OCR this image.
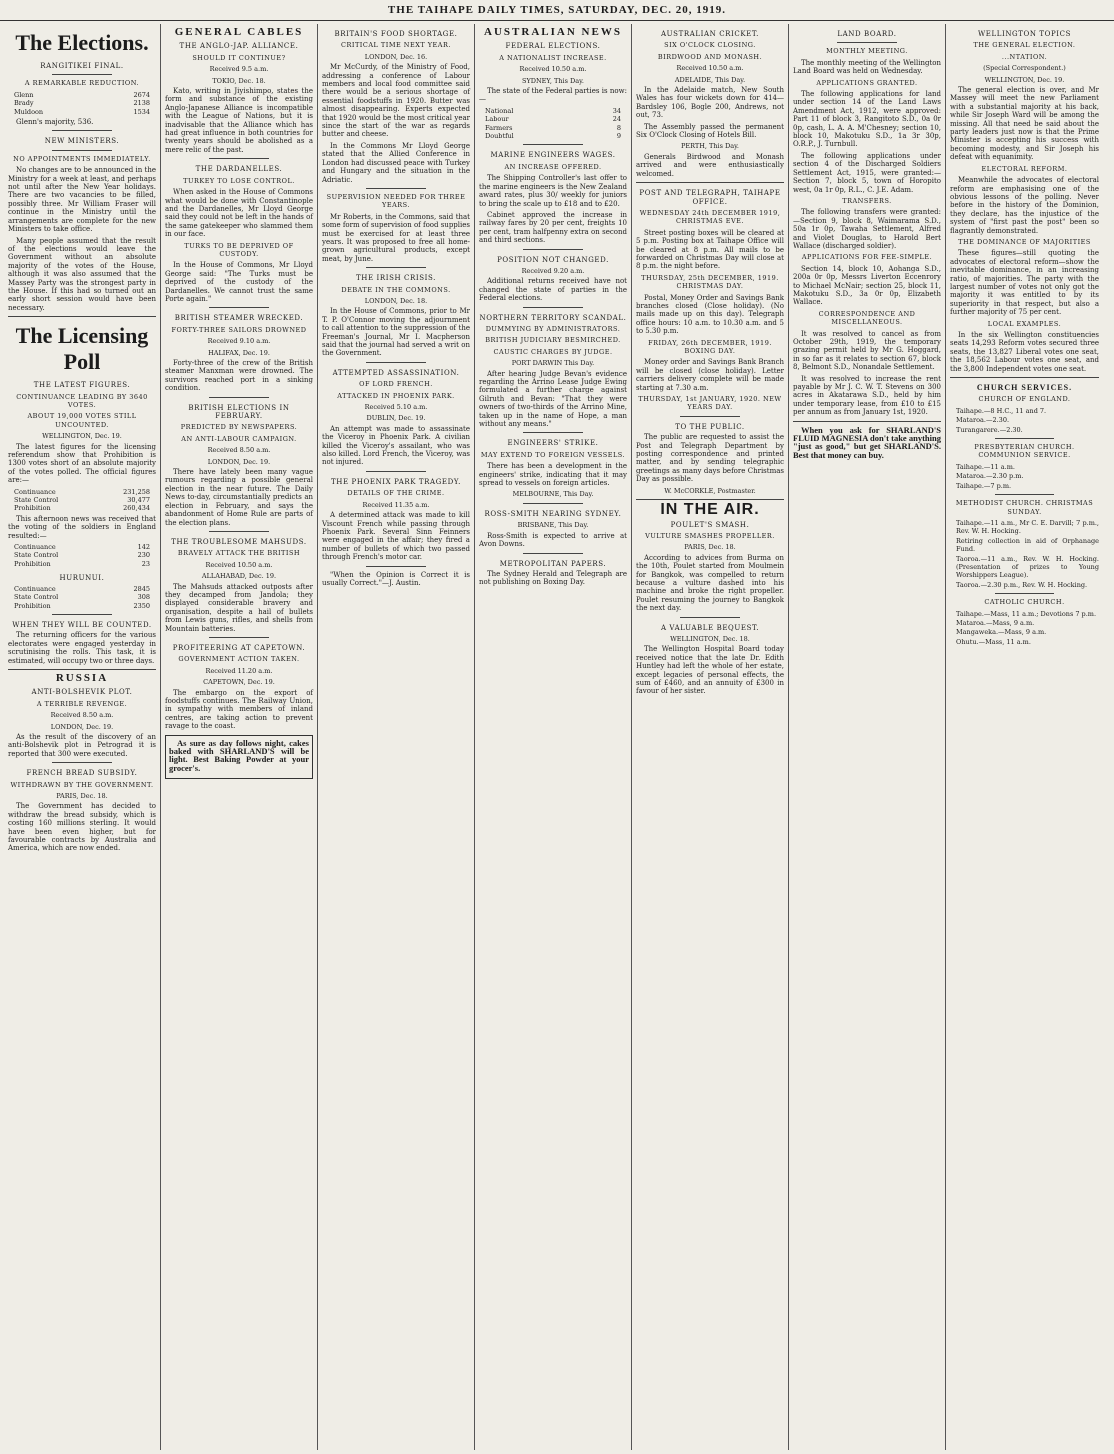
THE TAIHAPE DAILY TIMES, SATURDAY, DEC. 20, 1919.
The Elections.
RANGITIKEI FINAL.
A REMARKABLE REDUCTION.
Glenn	2674
Brady	2138
Muldoon	1534

Glenn's majority, 536.

NEW MINISTERS.
NO APPOINTMENTS IMMEDIATELY.

No changes are to be announced in the Ministry for a week at least, and perhaps not until after the New Year holidays. There are two vacancies to be filled, possibly three. Mr William Fraser will continue in the Ministry until the arrangements are complete for the new Ministers to take office.

Many people assumed that the result of the elections would leave the Government without an absolute majority of the votes of the House, although it was also assumed that the Massey Party was the strongest party in the House. If this had so turned out an early short session would have been necessary.

The Licensing Poll
THE LATEST FIGURES.
CONTINUANCE LEADING BY 3640 VOTES.
ABOUT 19,000 VOTES STILL UNCOUNTED.
WELLINGTON, Dec. 19.

The latest figures for the licensing referendum show that Prohibition is 1300 votes short of an absolute majority of the votes polled. The official figures are:—

Continuance	231,258
State Control	30,477
Prohibition	260,434

This afternoon news was received that the voting of the soldiers in England resulted:—

Continuance	142
State Control	230
Prohibition	23
HURUNUI.
Continuance	2845
State Control	308
Prohibition	2350
WHEN THEY WILL BE COUNTED.

The returning officers for the various electorates were engaged yesterday in scrutinising the rolls. This task, it is estimated, will occupy two or three days.

RUSSIA
ANTI-BOLSHEVIK PLOT.
A TERRIBLE REVENGE.
Received 8.50 a.m.
LONDON, Dec. 19.

As the result of the discovery of an anti-Bolshevik plot in Petrograd it is reported that 300 were executed.

FRENCH BREAD SUBSIDY.
WITHDRAWN BY THE GOVERNMENT.
PARIS, Dec. 18.

The Government has decided to withdraw the bread subsidy, which is costing 160 millions sterling. It would have been even higher, but for favourable contracts by Australia and America, which are now ended.

GENERAL CABLES
THE ANGLO-JAP. ALLIANCE.
SHOULD IT CONTINUE?
Received 9.5 a.m.
TOKIO, Dec. 18.

Kato, writing in Jiyishimpo, states the form and substance of the existing Anglo-Japanese Alliance is incompatible with the League of Nations, but it is inadvisable that the Alliance which has had great influence in both countries for twenty years should be abolished as a mere relic of the past.

THE DARDANELLES.
TURKEY TO LOSE CONTROL.

When asked in the House of Commons what would be done with Constantinople and the Dardanelles, Mr Lloyd George said they could not be left in the hands of the same gatekeeper who slammed them in our face.

TURKS TO BE DEPRIVED OF CUSTODY.

In the House of Commons, Mr Lloyd George said: "The Turks must be deprived of the custody of the Dardanelles. We cannot trust the same Porte again."

BRITISH STEAMER WRECKED.
FORTY-THREE SAILORS DROWNED
Received 9.10 a.m.
HALIFAX, Dec. 19.

Forty-three of the crew of the British steamer Manxman were drowned. The survivors reached port in a sinking condition.

BRITISH ELECTIONS IN FEBRUARY.
PREDICTED BY NEWSPAPERS.
AN ANTI-LABOUR CAMPAIGN.
Received 8.50 a.m.
LONDON, Dec. 19.

There have lately been many vague rumours regarding a possible general election in the near future. The Daily News to-day, circumstantially predicts an election in February, and says the abandonment of Home Rule are parts of the election plans.

THE TROUBLESOME MAHSUDS.
BRAVELY ATTACK THE BRITISH
Received 10.50 a.m.
ALLAHABAD, Dec. 19.

The Mahsuds attacked outposts after they decamped from Jandola; they displayed considerable bravery and organisation, despite a hail of bullets from Lewis guns, rifles, and shells from Mountain batteries.

PROFITEERING AT CAPETOWN.
GOVERNMENT ACTION TAKEN.
Received 11.20 a.m.
CAPETOWN, Dec. 19.

The embargo on the export of foodstuffs continues. The Railway Union, in sympathy with members of inland centres, are taking action to prevent ravage to the coast.

As sure as day follows night, cakes baked with SHARLAND'S will be light. Best Baking Powder at your grocer's.

BRITAIN'S FOOD SHORTAGE.
CRITICAL TIME NEXT YEAR.
LONDON, Dec. 16.

Mr McCurdy, of the Ministry of Food, addressing a conference of Labour members and local food committee said there would be a serious shortage of essential foodstuffs in 1920. Butter was almost disappearing. Experts expected that 1920 would be the most critical year since the start of the war as regards butter and cheese.

In the Commons Mr Lloyd George stated that the Allied Conference in London had discussed peace with Turkey and Hungary and the situation in the Adriatic.

SUPERVISION NEEDED FOR THREE YEARS.

Mr Roberts, in the Commons, said that some form of supervision of food supplies must be exercised for at least three years. It was proposed to free all home-grown agricultural products, except meat, by June.

THE IRISH CRISIS.
DEBATE IN THE COMMONS.
LONDON, Dec. 18.

In the House of Commons, prior to Mr T. P. O'Connor moving the adjournment to call attention to the suppression of the Freeman's Journal, Mr I. Macpherson said that the journal had served a writ on the Government.

ATTEMPTED ASSASSINATION.
OF LORD FRENCH.
ATTACKED IN PHOENIX PARK.
Received 5.10 a.m.
DUBLIN, Dec. 19.

An attempt was made to assassinate the Viceroy in Phoenix Park. A civilian killed the Viceroy's assailant, who was also killed. Lord French, the Viceroy, was not injured.

THE PHOENIX PARK TRAGEDY.
DETAILS OF THE CRIME.
Received 11.35 a.m.

A determined attack was made to kill Viscount French while passing through Phoenix Park. Several Sinn Feinners were engaged in the affair; they fired a number of bullets of which two passed through French's motor car.

"When the Opinion is Correct it is usually Correct."—J. Austin.

AUSTRALIAN NEWS
FEDERAL ELECTIONS.
A NATIONALIST INCREASE.
Received 10.50 a.m.
SYDNEY, This Day.

The state of the Federal parties is now:—

National	34
Labour	24
Farmers	8
Doubtful	9
MARINE ENGINEERS WAGES.
AN INCREASE OFFERED.

The Shipping Controller's last offer to the marine engineers is the New Zealand award rates, plus 30/ weekly for juniors to bring the scale up to £18 and to £20.

Cabinet approved the increase in railway fares by 20 per cent, freights 10 per cent, tram halfpenny extra on second and third sections.

POSITION NOT CHANGED.
Received 9.20 a.m.

Additional returns received have not changed the state of parties in the Federal elections.

NORTHERN TERRITORY SCANDAL.
DUMMYING BY ADMINISTRATORS.
BRITISH JUDICIARY BESMIRCHED.
CAUSTIC CHARGES BY JUDGE.
PORT DARWIN This Day.

After hearing Judge Bevan's evidence regarding the Arrino Lease Judge Ewing formulated a further charge against Gilruth and Bevan: "That they were owners of two-thirds of the Arrino Mine, taken up in the name of Hope, a man without any means."

ENGINEERS' STRIKE.
MAY EXTEND TO FOREIGN VESSELS.

There has been a development in the engineers' strike, indicating that it may spread to vessels on foreign articles.

MELBOURNE, This Day.
ROSS-SMITH NEARING SYDNEY.
BRISBANE, This Day.

Ross-Smith is expected to arrive at Avon Downs.

METROPOLITAN PAPERS.

The Sydney Herald and Telegraph are not publishing on Boxing Day.

AUSTRALIAN CRICKET.
SIX O'CLOCK CLOSING.
BIRDWOOD AND MONASH.
Received 10.50 a.m.
ADELAIDE, This Day.

In the Adelaide match, New South Wales has four wickets down for 414—Bardsley 106, Bogle 200, Andrews, not out, 73.

The Assembly passed the permanent Six O'Clock Closing of Hotels Bill.

PERTH, This Day.

Generals Birdwood and Monash arrived and were enthusiastically welcomed.

POST AND TELEGRAPH, TAIHAPE OFFICE.
WEDNESDAY 24th DECEMBER 1919, CHRISTMAS EVE.

Street posting boxes will be cleared at 5 p.m. Posting box at Taihape Office will be cleared at 8 p.m. All mails to be forwarded on Christmas Day will close at 8 p.m. the night before.

THURSDAY, 25th DECEMBER, 1919. CHRISTMAS DAY.

Postal, Money Order and Savings Bank branches closed (Close holiday). (No mails made up on this day). Telegraph office hours: 10 a.m. to 10.30 a.m. and 5 to 5.30 p.m.

FRIDAY, 26th DECEMBER, 1919. BOXING DAY.

Money order and Savings Bank Branch will be closed (close holiday). Letter carriers delivery complete will be made starting at 7.30 a.m.

THURSDAY, 1st JANUARY, 1920. NEW YEARS DAY.
TO THE PUBLIC.

The public are requested to assist the Post and Telegraph Department by posting correspondence and printed matter, and by sending telegraphic greetings as many days before Christmas Day as possible.

W. McCORKLE, Postmaster.
IN THE AIR.
POULET'S SMASH.
VULTURE SMASHES PROPELLER.
PARIS, Dec. 18.

According to advices from Burma on the 10th, Poulet started from Moulmein for Bangkok, was compelled to return because a vulture dashed into his machine and broke the right propeller. Poulet resuming the journey to Bangkok the next day.

A VALUABLE BEQUEST.
WELLINGTON, Dec. 18.

The Wellington Hospital Board today received notice that the late Dr. Edith Huntley had left the whole of her estate, except legacies of personal effects, the sum of £460, and an annuity of £300 in favour of her sister.

LAND BOARD.
MONTHLY MEETING.

The monthly meeting of the Wellington Land Board was held on Wednesday.

APPLICATIONS GRANTED.

The following applications for land under section 14 of the Land Laws Amendment Act, 1912, were approved: Part 11 of block 3, Rangitoto S.D., 0a 0r 0p, cash, L. A. A. M'Chesney; section 10, block 10, Makotuku S.D., 1a 3r 30p, O.R.P., J. Turnbull.

The following applications under section 4 of the Discharged Soldiers Settlement Act, 1915, were granted:—Section 7, block 5, town of Horopito west, 0a 1r 0p, R.L., C. J.E. Adam.

TRANSFERS.

The following transfers were granted:—Section 9, block 8, Waimarama S.D., 50a 1r 0p, Tawaha Settlement, Alfred and Violet Douglas, to Harold Bert Wallace (discharged soldier).

APPLICATIONS FOR FEE-SIMPLE.

Section 14, block 10, Aohanga S.D., 200a 0r 0p, Messrs Liverton Eccenrory to Michael McNair; section 25, block 11, Makotuku S.D., 3a 0r 0p, Elizabeth Wallace.

CORRESPONDENCE AND MISCELLANEOUS.

It was resolved to cancel as from October 29th, 1919, the temporary grazing permit held by Mr G. Hoggard, in so far as it relates to section 67, block 8, Belmont S.D., Nonandale Settlement.

It was resolved to increase the rent payable by Mr J. C. W. T. Stevens on 300 acres in Akatarawa S.D., held by him under temporary lease, from £10 to £15 per annum as from January 1st, 1920.

When you ask for SHARLAND'S FLUID MAGNESIA don't take anything "just as good," but get SHARLAND'S. Best that money can buy.

WELLINGTON TOPICS
THE GENERAL ELECTION.
...NTATION.
(Special Correspondent.)
WELLINGTON, Dec. 19.

The general election is over, and Mr Massey will meet the new Parliament with a substantial majority at his back, while Sir Joseph Ward will be among the missing. All that need be said about the party leaders just now is that the Prime Minister is accepting his success with becoming modesty, and Sir Joseph his defeat with equanimity.

ELECTORAL REFORM.

Meanwhile the advocates of electoral reform are emphasising one of the obvious lessons of the polling. Never before in the history of the Dominion, they declare, has the injustice of the system of "first past the post" been so flagrantly demonstrated.

THE DOMINANCE OF MAJORITIES

These figures—still quoting the advocates of electoral reform—show the inevitable dominance, in an increasing ratio, of majorities. The party with the largest number of votes not only got the majority it was entitled to by its superiority in that respect, but also a further majority of 75 per cent.

LOCAL EXAMPLES.

In the six Wellington constituencies seats 14,293 Reform votes secured three seats, the 13,827 Liberal votes one seat, the 18,562 Labour votes one seat, and the 3,800 Independent votes one seat.

CHURCH SERVICES.
CHURCH OF ENGLAND.
Taihape.—8 H.C., 11 and 7.
Mataroa.—2.30.
Turangarere.—2.30.
PRESBYTERIAN CHURCH. COMMUNION SERVICE.
Taihape.—11 a.m.
Mataroa.—2.30 p.m.
Taihape.—7 p.m.
METHODIST CHURCH. CHRISTMAS SUNDAY.
Taihape.—11 a.m., Mr C. E. Darvill; 7 p.m., Rev. W. H. Hocking.
Retiring collection in aid of Orphanage Fund.
Taoroa.—11 a.m., Rev. W. H. Hocking. (Presentation of prizes to Young Worshippers League).
Taoroa.—2.30 p.m., Rev. W. H. Hocking.
CATHOLIC CHURCH.
Taihape.—Mass, 11 a.m.; Devotions 7 p.m.
Mataroa.—Mass, 9 a.m.
Mangaweka.—Mass, 9 a.m.
Ohutu.—Mass, 11 a.m.
